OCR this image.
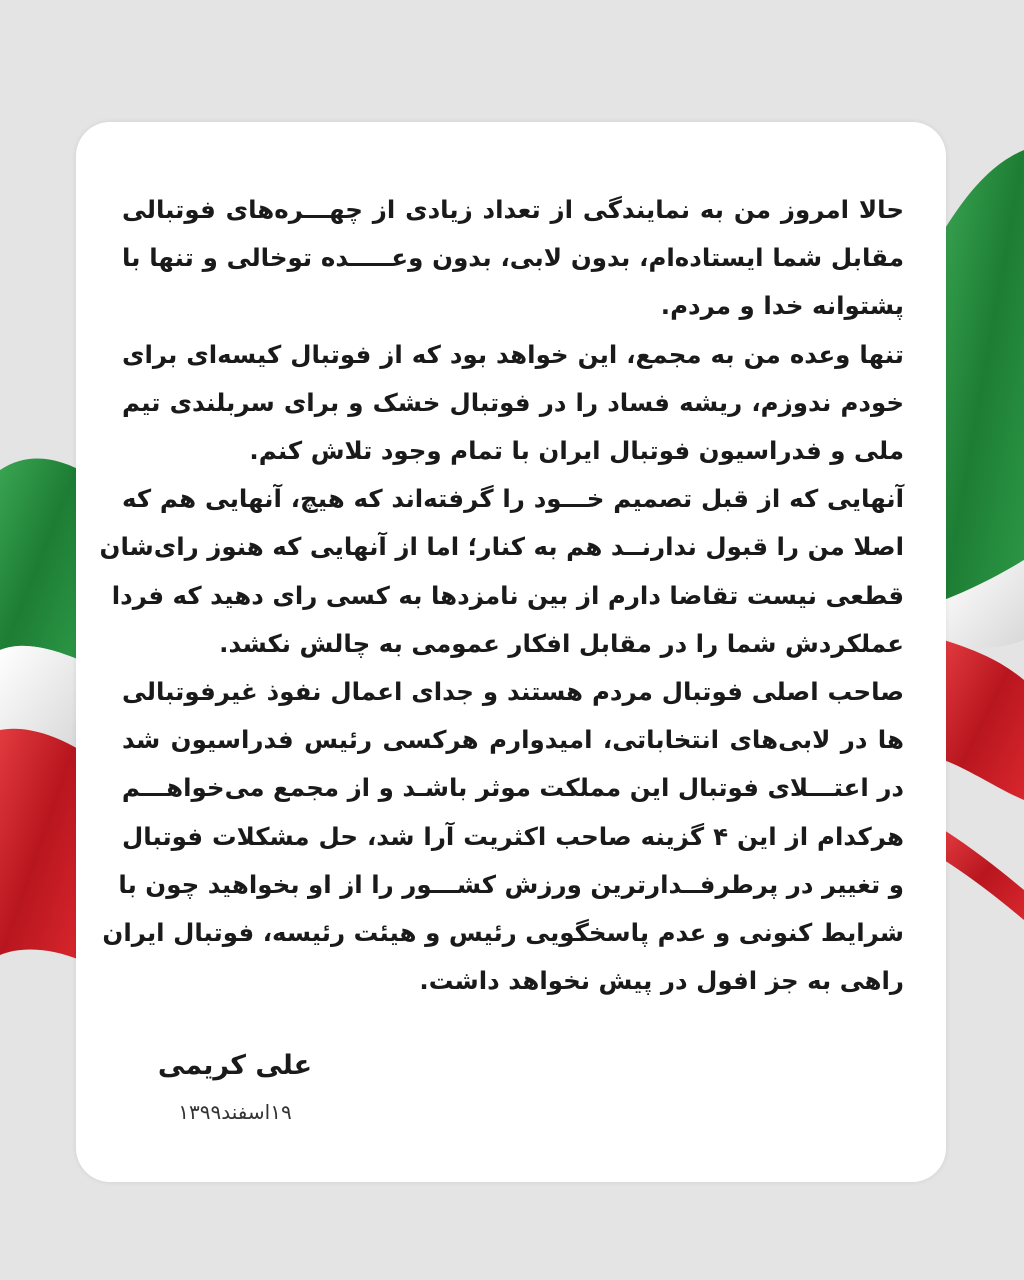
حالا امروز من به نمایندگی از تعداد زیادی از چهـــره‌های فوتبالی
مقابل شما ایستاده‌ام، بدون لابی، بدون وعـــــده توخالی و تنها با
پشتوانه خدا و مردم.
تنها وعده من به مجمع، این خواهد بود که از فوتبال کیسه‌ای برای
خودم ندوزم، ریشه فساد را در فوتبال خشک و برای سربلندی تیم
ملی و فدراسیون فوتبال ایران با تمام وجود تلاش کنم.
آنهایی که از قبل تصمیم خـــود را گرفته‌اند که هیچ، آنهایی هم که
اصلا من را قبول ندارنــد هم به کنار؛ اما از آنهایی که هنوز رای‌شان
قطعی نیست تقاضا دارم از بین نامزدها به کسی رای دهید که فردا
عملکردش شما را در مقابل افکار عمومی به چالش نکشد.
صاحب اصلی فوتبال مردم هستند و جدای اعمال نفوذ غیرفوتبالی
ها در لابی‌های انتخاباتی، امیدوارم هرکسی رئیس فدراسیون شد
در اعتـــلای فوتبال این مملکت موثر باشـد و از مجمع می‌خواهـــم
هرکدام از این ۴ گزینه صاحب اکثریت آرا شد، حل مشکلات فوتبال
و تغییر در پرطرفــدارترین ورزش کشـــور را از او بخواهید چون با
شرایط کنونی و عدم پاسخگویی رئیس و هیئت رئیسه، فوتبال ایران
راهی به جز افول در پیش نخواهد داشت.
علی کریمی
۱۹اسفند۱۳۹۹
